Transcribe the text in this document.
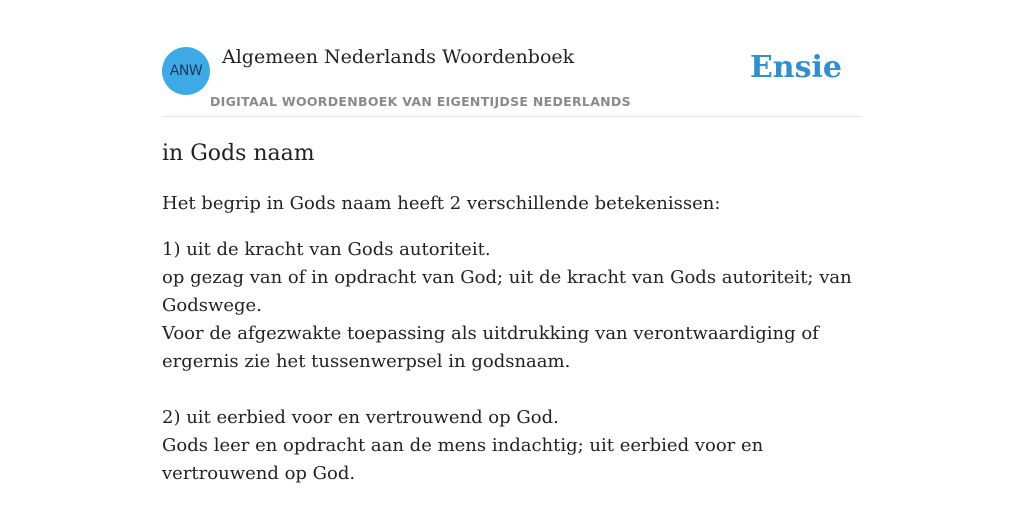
ANW
Algemeen Nederlands Woordenboek
DIGITAAL WOORDENBOEK VAN EIGENTIJDSE NEDERLANDS
Ensie
in Gods naam

Het begrip in Gods naam heeft 2 verschillende betekenissen:

1) uit de kracht van Gods autoriteit.
op gezag van of in opdracht van God; uit de kracht van Gods autoriteit; van Godswege.
Voor de afgezwakte toepassing als uitdrukking van verontwaardiging of ergernis zie het tussenwerpsel in godsnaam.
2) uit eerbied voor en vertrouwend op God.
Gods leer en opdracht aan de mens indachtig; uit eerbied voor en vertrouwend op God.
